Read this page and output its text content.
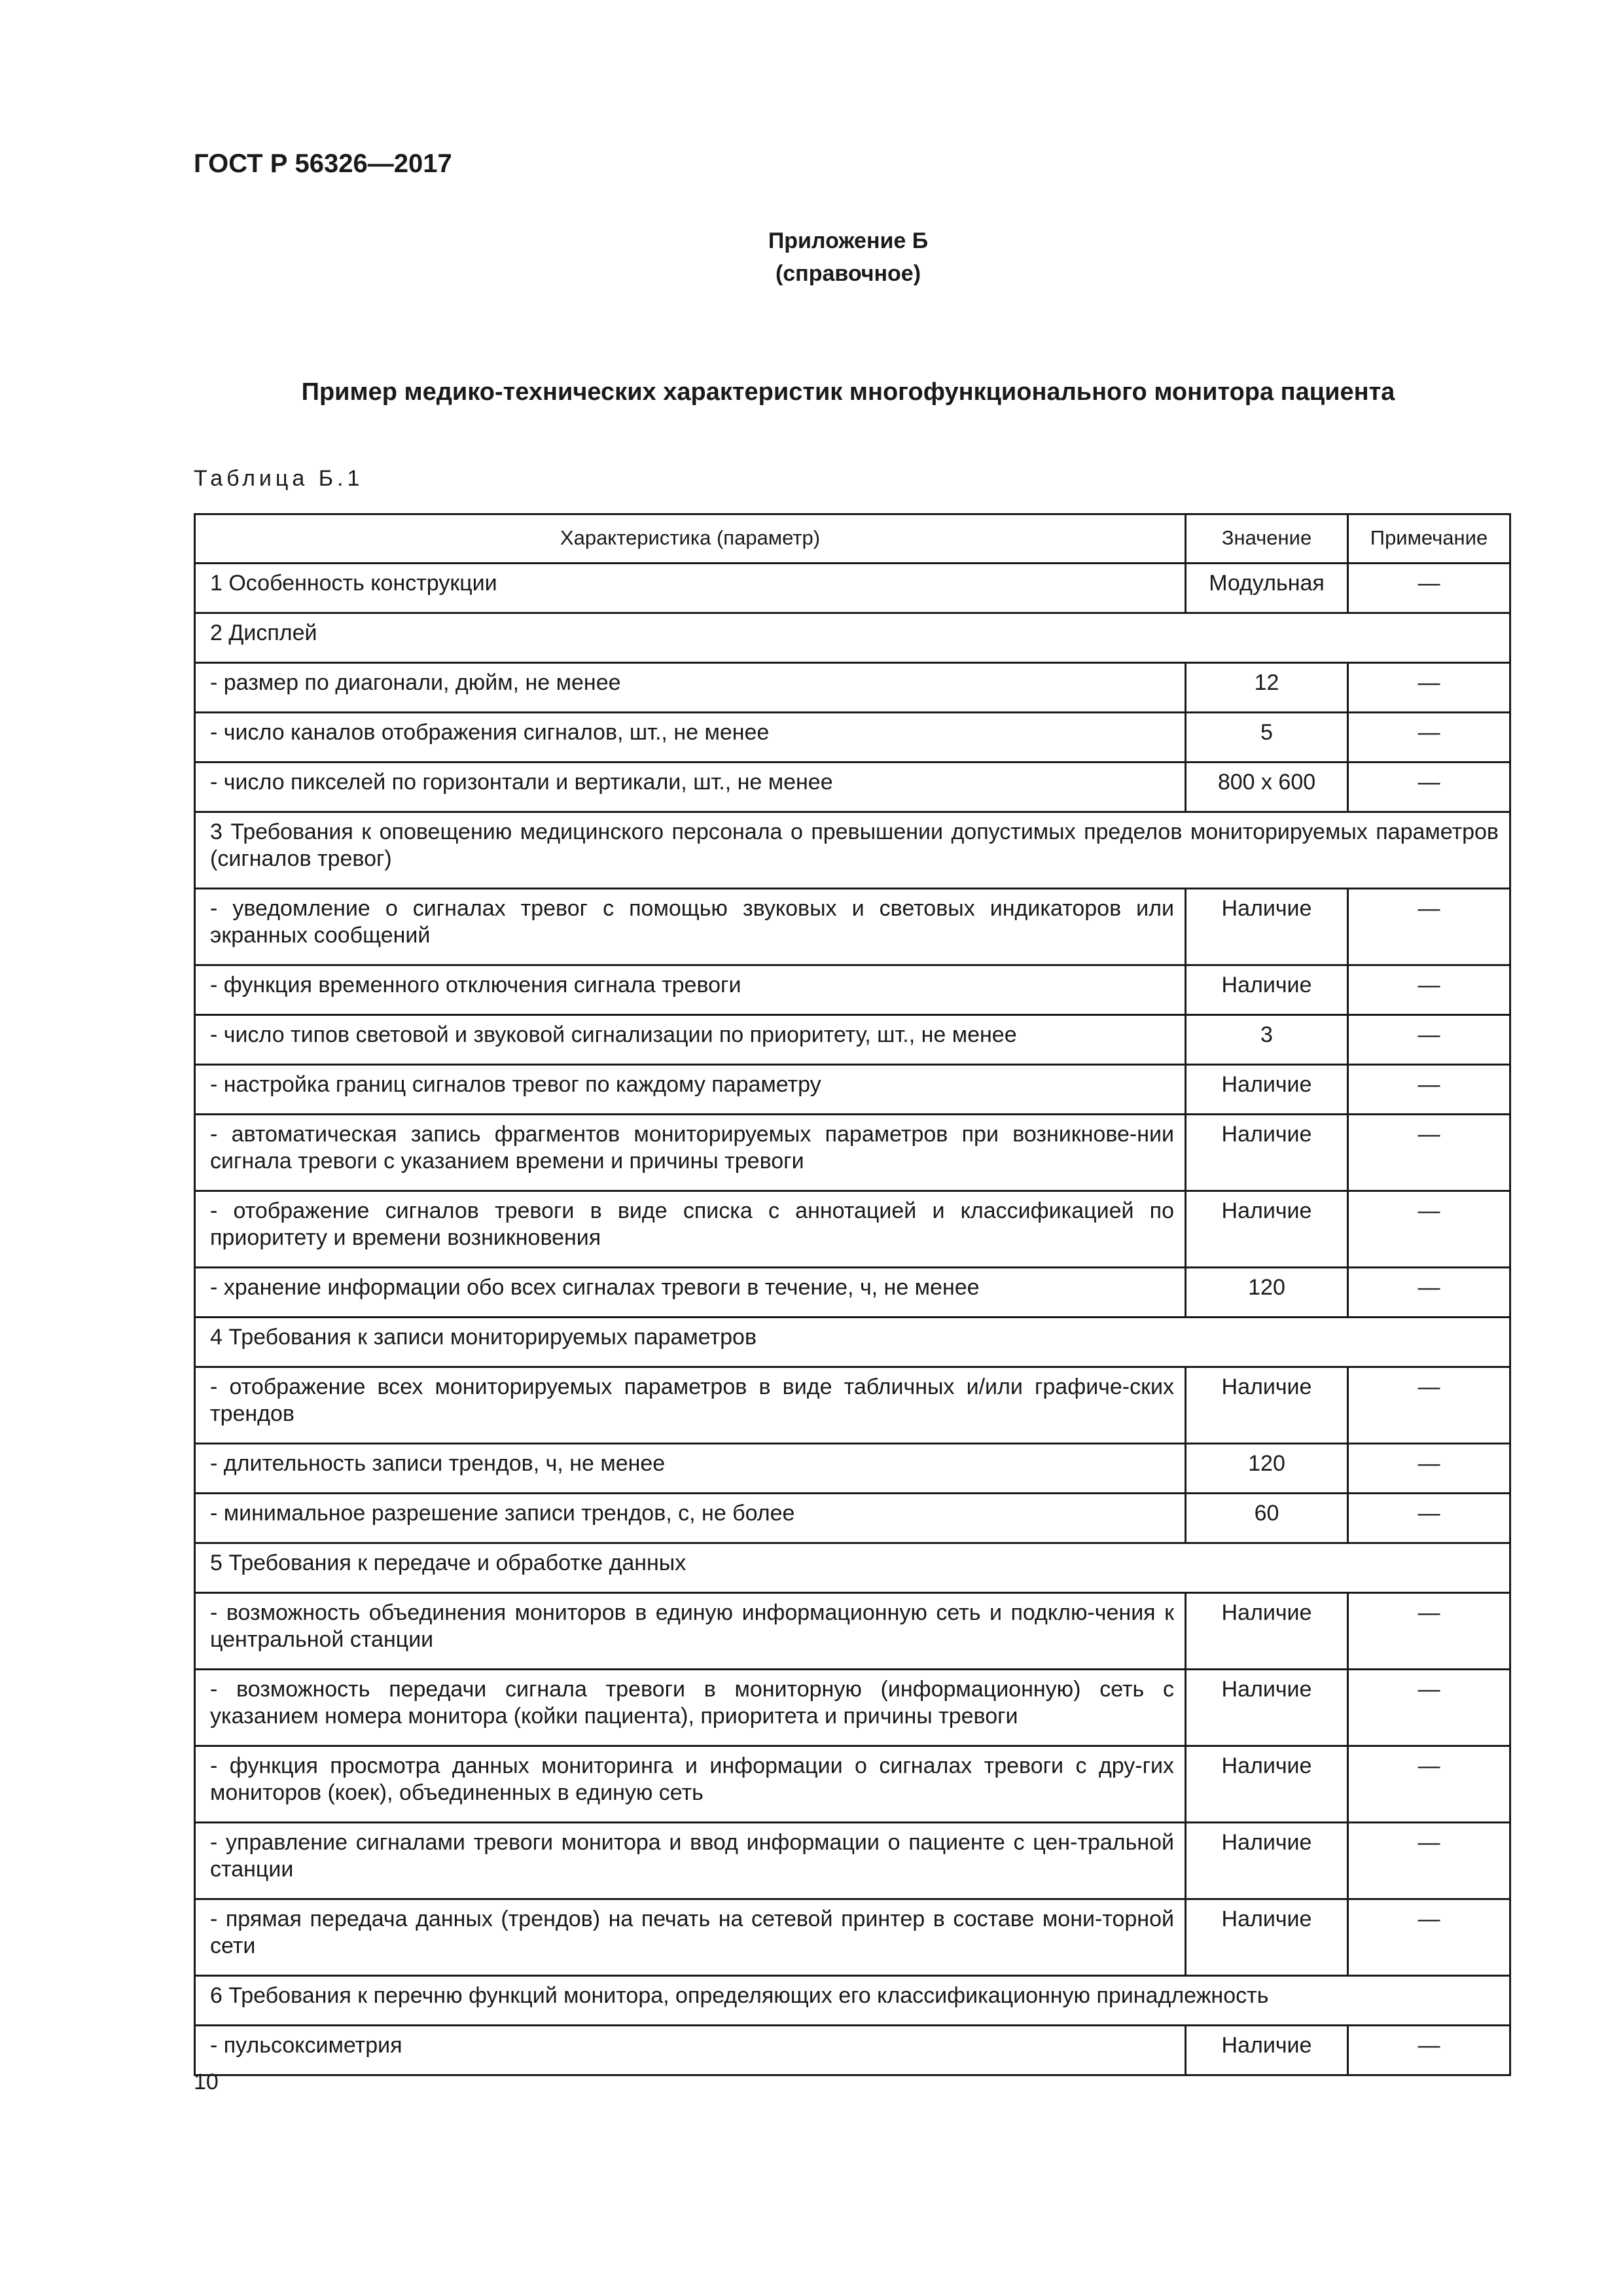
ГОСТ Р 56326—2017
Приложение Б
(справочное)
Пример медико-технических характеристик многофункционального монитора пациента
Таблица Б.1
Характеристика (параметр)	Значение	Примечание
1 Особенность конструкции	Модульная	—
2 Дисплей		
- размер по диагонали, дюйм, не менее	12	—
- число каналов отображения сигналов, шт., не менее	5	—
- число пикселей по горизонтали и вертикали, шт., не менее	800 х 600	—
3 Требования к оповещению медицинского персонала о превышении допустимых пределов мониторируемых параметров (сигналов тревог)		
- уведомление о сигналах тревог с помощью звуковых и световых индикаторов или экранных сообщений	Наличие	—
- функция временного отключения сигнала тревоги	Наличие	—
- число типов световой и звуковой сигнализации по приоритету, шт., не менее	3	—
- настройка границ сигналов тревог по каждому параметру	Наличие	—
- автоматическая запись фрагментов мониторируемых параметров при возникнове-нии сигнала тревоги с указанием времени и причины тревоги	Наличие	—
- отображение сигналов тревоги в виде списка с аннотацией и классификацией по приоритету и времени возникновения	Наличие	—
- хранение информации обо всех сигналах тревоги в течение, ч, не менее	120	—
4 Требования к записи мониторируемых параметров		
- отображение всех мониторируемых параметров в виде табличных и/или графиче-ских трендов	Наличие	—
- длительность записи трендов, ч, не менее	120	—
- минимальное разрешение записи трендов, с, не более	60	—
5 Требования к передаче и обработке данных		
- возможность объединения мониторов в единую информационную сеть и подклю-чения к центральной станции	Наличие	—
- возможность передачи сигнала тревоги в мониторную (информационную) сеть с указанием номера монитора (койки пациента), приоритета и причины тревоги	Наличие	—
- функция просмотра данных мониторинга и информации о сигналах тревоги с дру-гих мониторов (коек), объединенных в единую сеть	Наличие	—
- управление сигналами тревоги монитора и ввод информации о пациенте с цен-тральной станции	Наличие	—
- прямая передача данных (трендов) на печать на сетевой принтер в составе мони-торной сети	Наличие	—
6 Требования к перечню функций монитора, определяющих его классификационную принадлежность		
- пульсоксиметрия	Наличие	—
10
